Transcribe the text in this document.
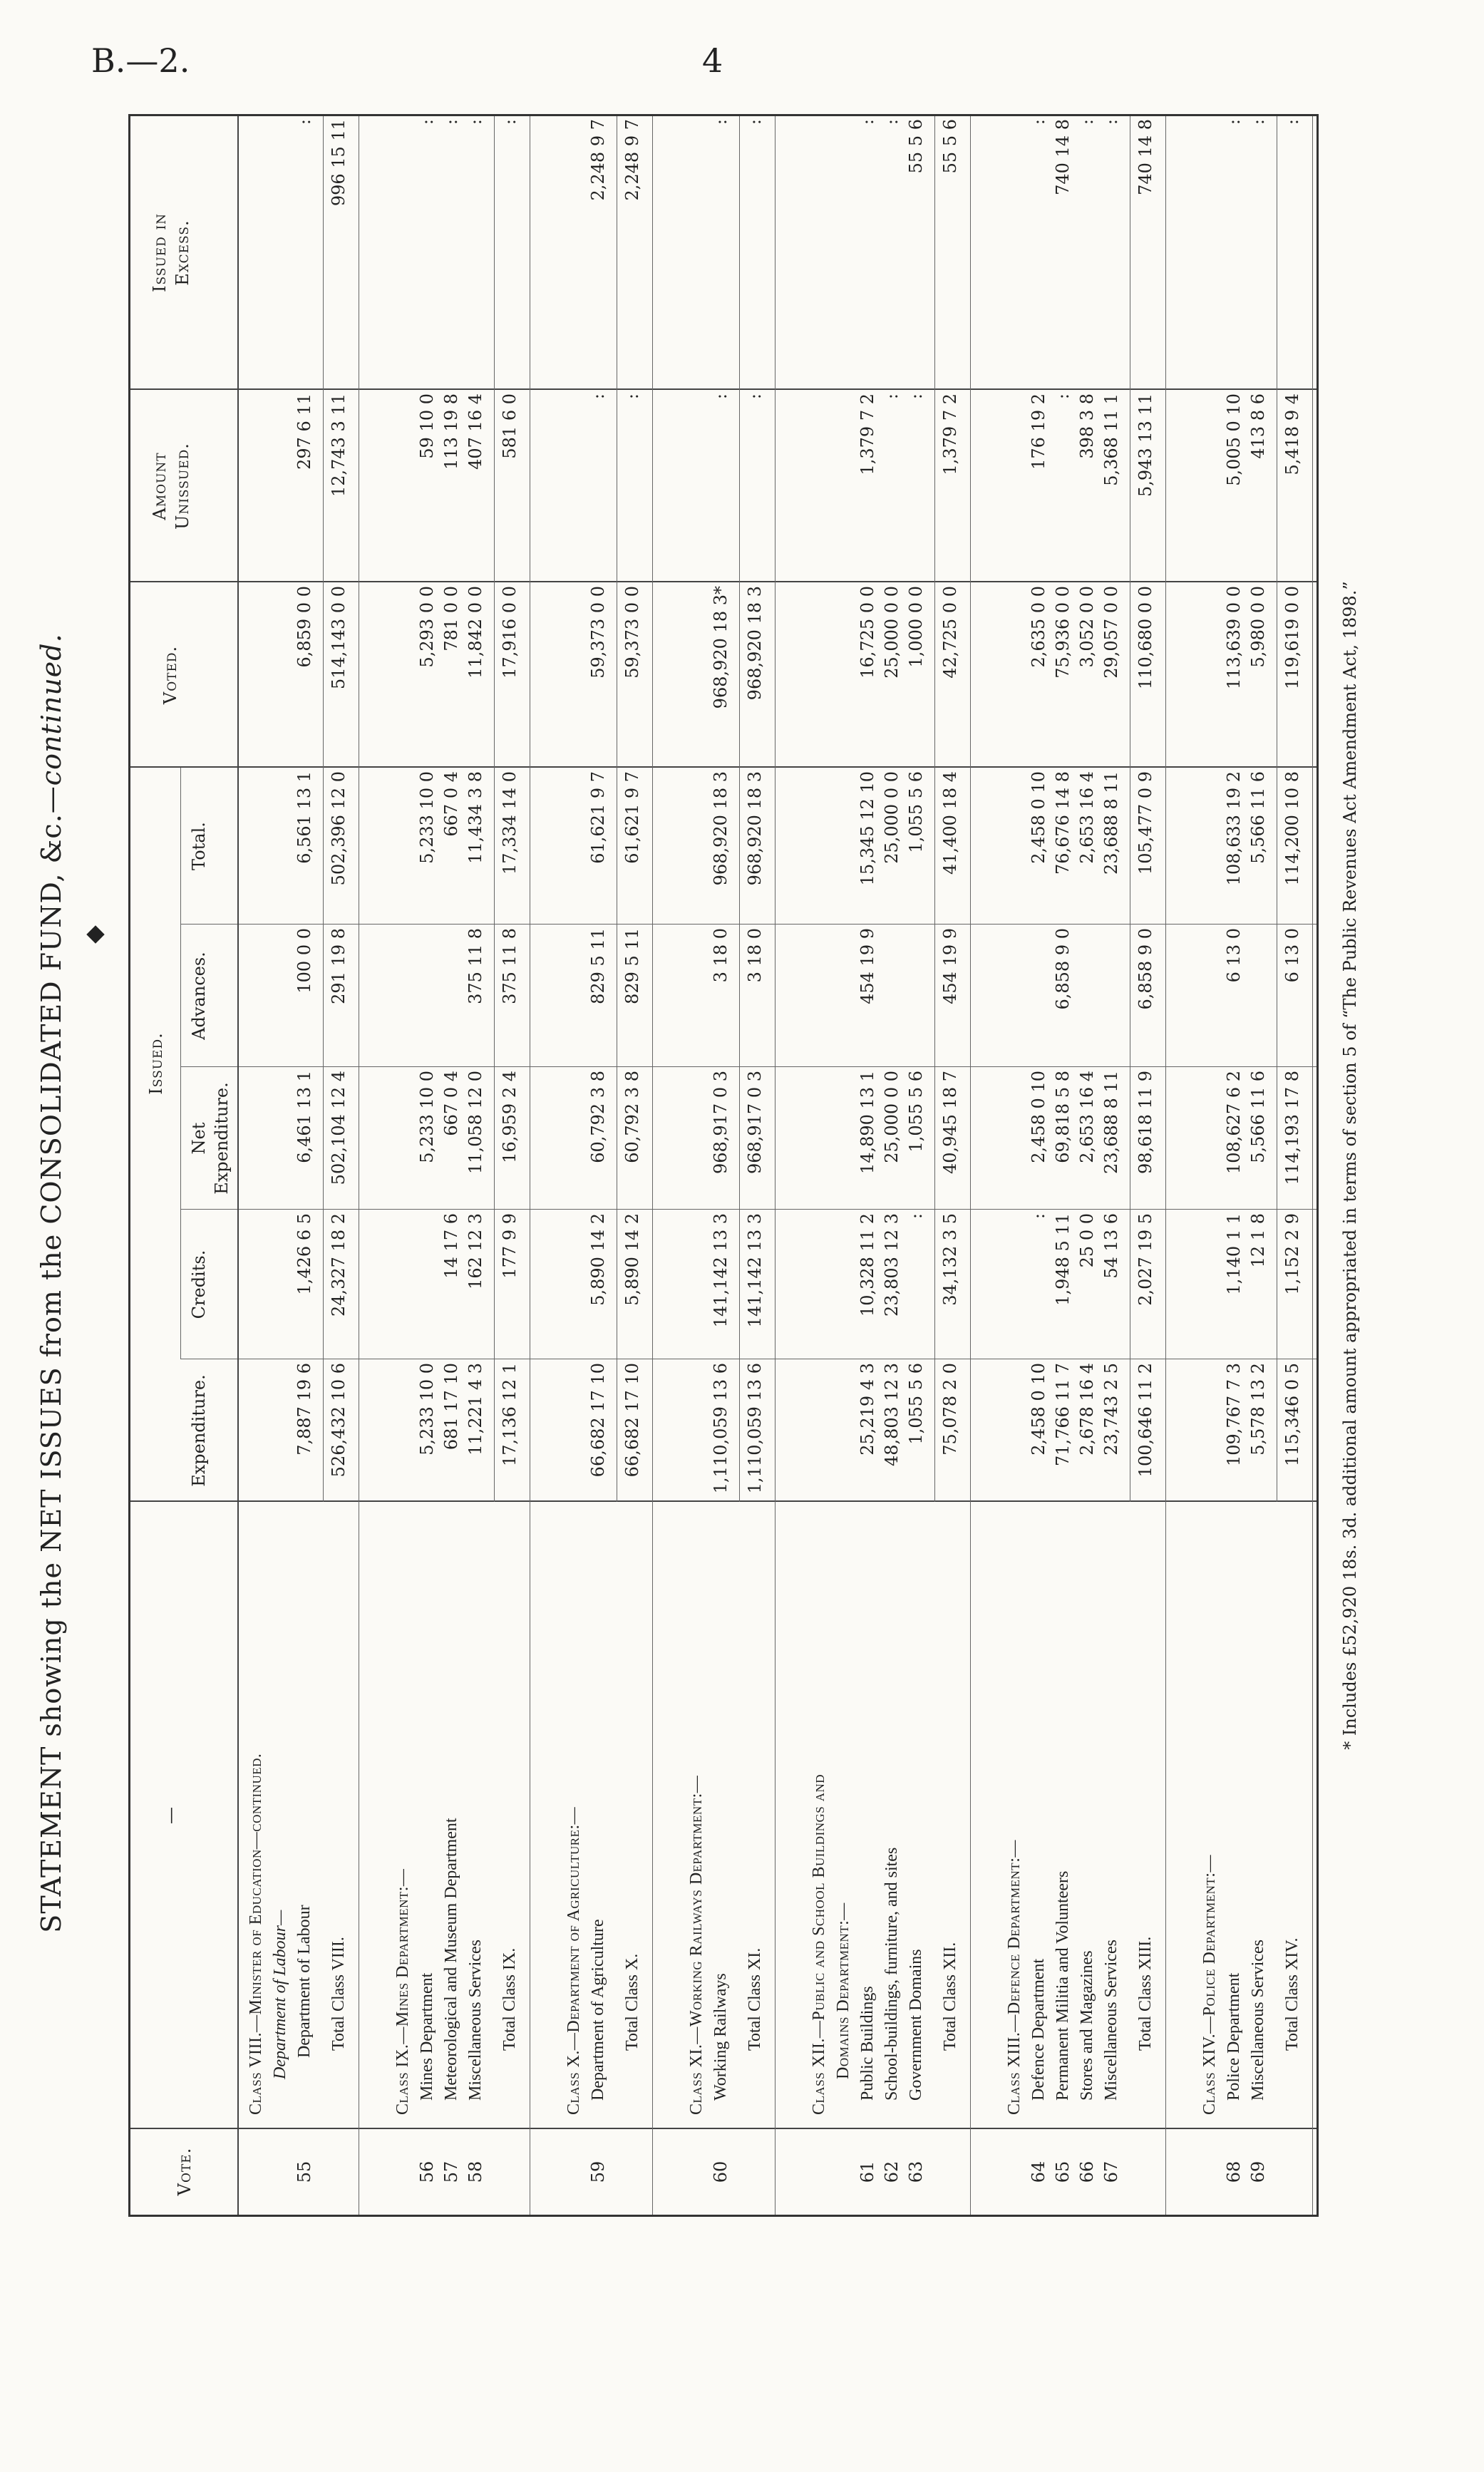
B.—2.	4
STATEMENT showing the NET ISSUES from the CONSOLIDATED FUND, &c.—continued.
Vote.
—
Issued.
Expenditure.
Credits.
Net Expenditure.
Advances.
Total.
Voted.
Amount Unissued.
Issued in Excess.
Class VIII.—Minister of Education—continued. Department of Labour—
55
Department of Labour
7,887 19 6
1,426 6 5
6,461 13 1
100 0 0
6,561 13 1
6,859 0 0
297 6 11
:
Total Class VIII.
526,432 10 6
24,327 18 2
502,104 12 4
291 19 8
502,396 12 0
514,143 0 0
12,743 3 11
996 15 11
Class IX.—Mines Department:—
56
Mines Department
5,233 10 0
5,233 10 0
5,233 10 0
5,293 0 0
59 10 0
:
57
Meteorological and Museum Department
681 17 10
14 17 6
667 0 4
667 0 4
781 0 0
113 19 8
:
58
Miscellaneous Services
11,221 4 3
162 12 3
11,058 12 0
375 11 8
11,434 3 8
11,842 0 0
407 16 4
:
Total Class IX.
17,136 12 1
177 9 9
16,959 2 4
375 11 8
17,334 14 0
17,916 0 0
581 6 0
:
Class X.—Department of Agriculture:—
59
Department of Agriculture
66,682 17 10
5,890 14 2
60,792 3 8
829 5 11
61,621 9 7
59,373 0 0
:
2,248 9 7
Total Class X.
66,682 17 10
5,890 14 2
60,792 3 8
829 5 11
61,621 9 7
59,373 0 0
:
2,248 9 7
Class XI.—Working Railways Department:—
60
Working Railways
1,110,059 13 6
141,142 13 3
968,917 0 3
3 18 0
968,920 18 3
968,920 18 3*
:
:
Total Class XI.
1,110,059 13 6
141,142 13 3
968,917 0 3
3 18 0
968,920 18 3
968,920 18 3
:
:
Class XII.—Public and School Buildings and Domains Department:—
61
Public Buildings
25,219 4 3
10,328 11 2
14,890 13 1
454 19 9
15,345 12 10
16,725 0 0
1,379 7 2
:
62
School-buildings, furniture, and sites
48,803 12 3
23,803 12 3
25,000 0 0
25,000 0 0
25,000 0 0
:
:
63
Government Domains
1,055 5 6
:
1,055 5 6
1,055 5 6
1,000 0 0
:
55 5 6
Total Class XII.
75,078 2 0
34,132 3 5
40,945 18 7
454 19 9
41,400 18 4
42,725 0 0
1,379 7 2
55 5 6
Class XIII.—Defence Department:—
64
Defence Department
2,458 0 10
:
2,458 0 10
2,458 0 10
2,635 0 0
176 19 2
:
65
Permanent Militia and Volunteers
71,766 11 7
1,948 5 11
69,818 5 8
6,858 9 0
76,676 14 8
75,936 0 0
:
740 14 8
66
Stores and Magazines
2,678 16 4
25 0 0
2,653 16 4
2,653 16 4
3,052 0 0
398 3 8
:
67
Miscellaneous Services
23,743 2 5
54 13 6
23,688 8 11
23,688 8 11
29,057 0 0
5,368 11 1
:
Total Class XIII.
100,646 11 2
2,027 19 5
98,618 11 9
6,858 9 0
105,477 0 9
110,680 0 0
5,943 13 11
740 14 8
Class XIV.—Police Department:—
68
Police Department
109,767 7 3
1,140 1 1
108,627 6 2
6 13 0
108,633 19 2
113,639 0 0
5,005 0 10
:
69
Miscellaneous Services
5,578 13 2
12 1 8
5,566 11 6
5,566 11 6
5,980 0 0
413 8 6
:
Total Class XIV.
115,346 0 5
1,152 2 9
114,193 17 8
6 13 0
114,200 10 8
119,619 0 0
5,418 9 4
:
* Includes £52,920 18s. 3d. additional amount appropriated in terms of section 5 of “The Public Revenues Act Amendment Act, 1898.”
